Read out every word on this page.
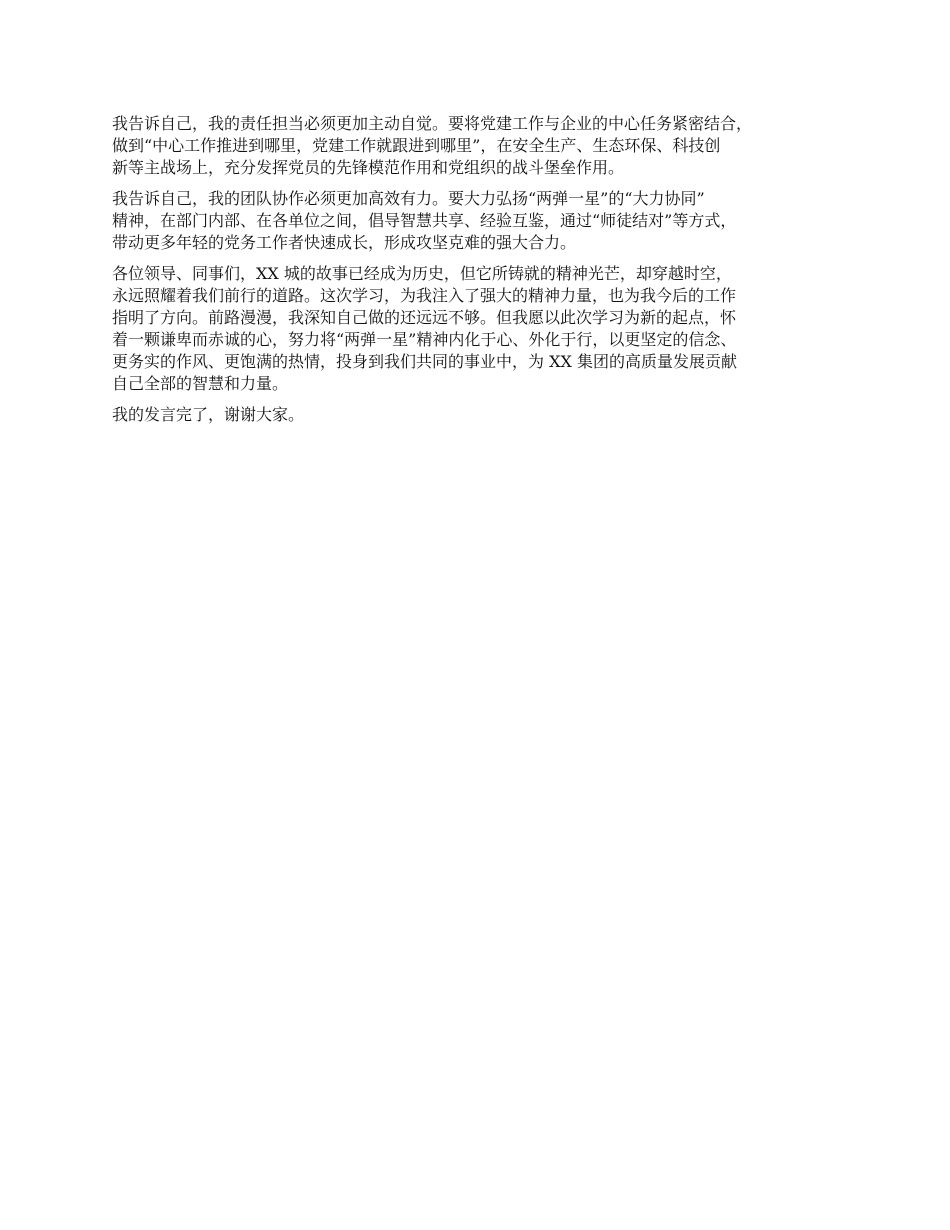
我告诉自己，我的责任担当必须更加主动自觉。要将党建工作与企业的中心任务紧密结合，
做到“中心工作推进到哪里，党建工作就跟进到哪里”，在安全生产、生态环保、科技创
新等主战场上，充分发挥党员的先锋模范作用和党组织的战斗堡垒作用。

我告诉自己，我的团队协作必须更加高效有力。要大力弘扬“两弹一星”的“大力协同”
精神，在部门内部、在各单位之间，倡导智慧共享、经验互鉴，通过“师徒结对”等方式，
带动更多年轻的党务工作者快速成长，形成攻坚克难的强大合力。

各位领导、同事们，XX 城的故事已经成为历史，但它所铸就的精神光芒，却穿越时空，
永远照耀着我们前行的道路。这次学习，为我注入了强大的精神力量，也为我今后的工作
指明了方向。前路漫漫，我深知自己做的还远远不够。但我愿以此次学习为新的起点，怀
着一颗谦卑而赤诚的心，努力将“两弹一星”精神内化于心、外化于行，以更坚定的信念、
更务实的作风、更饱满的热情，投身到我们共同的事业中，为 XX 集团的高质量发展贡献
自己全部的智慧和力量。

我的发言完了，谢谢大家。
